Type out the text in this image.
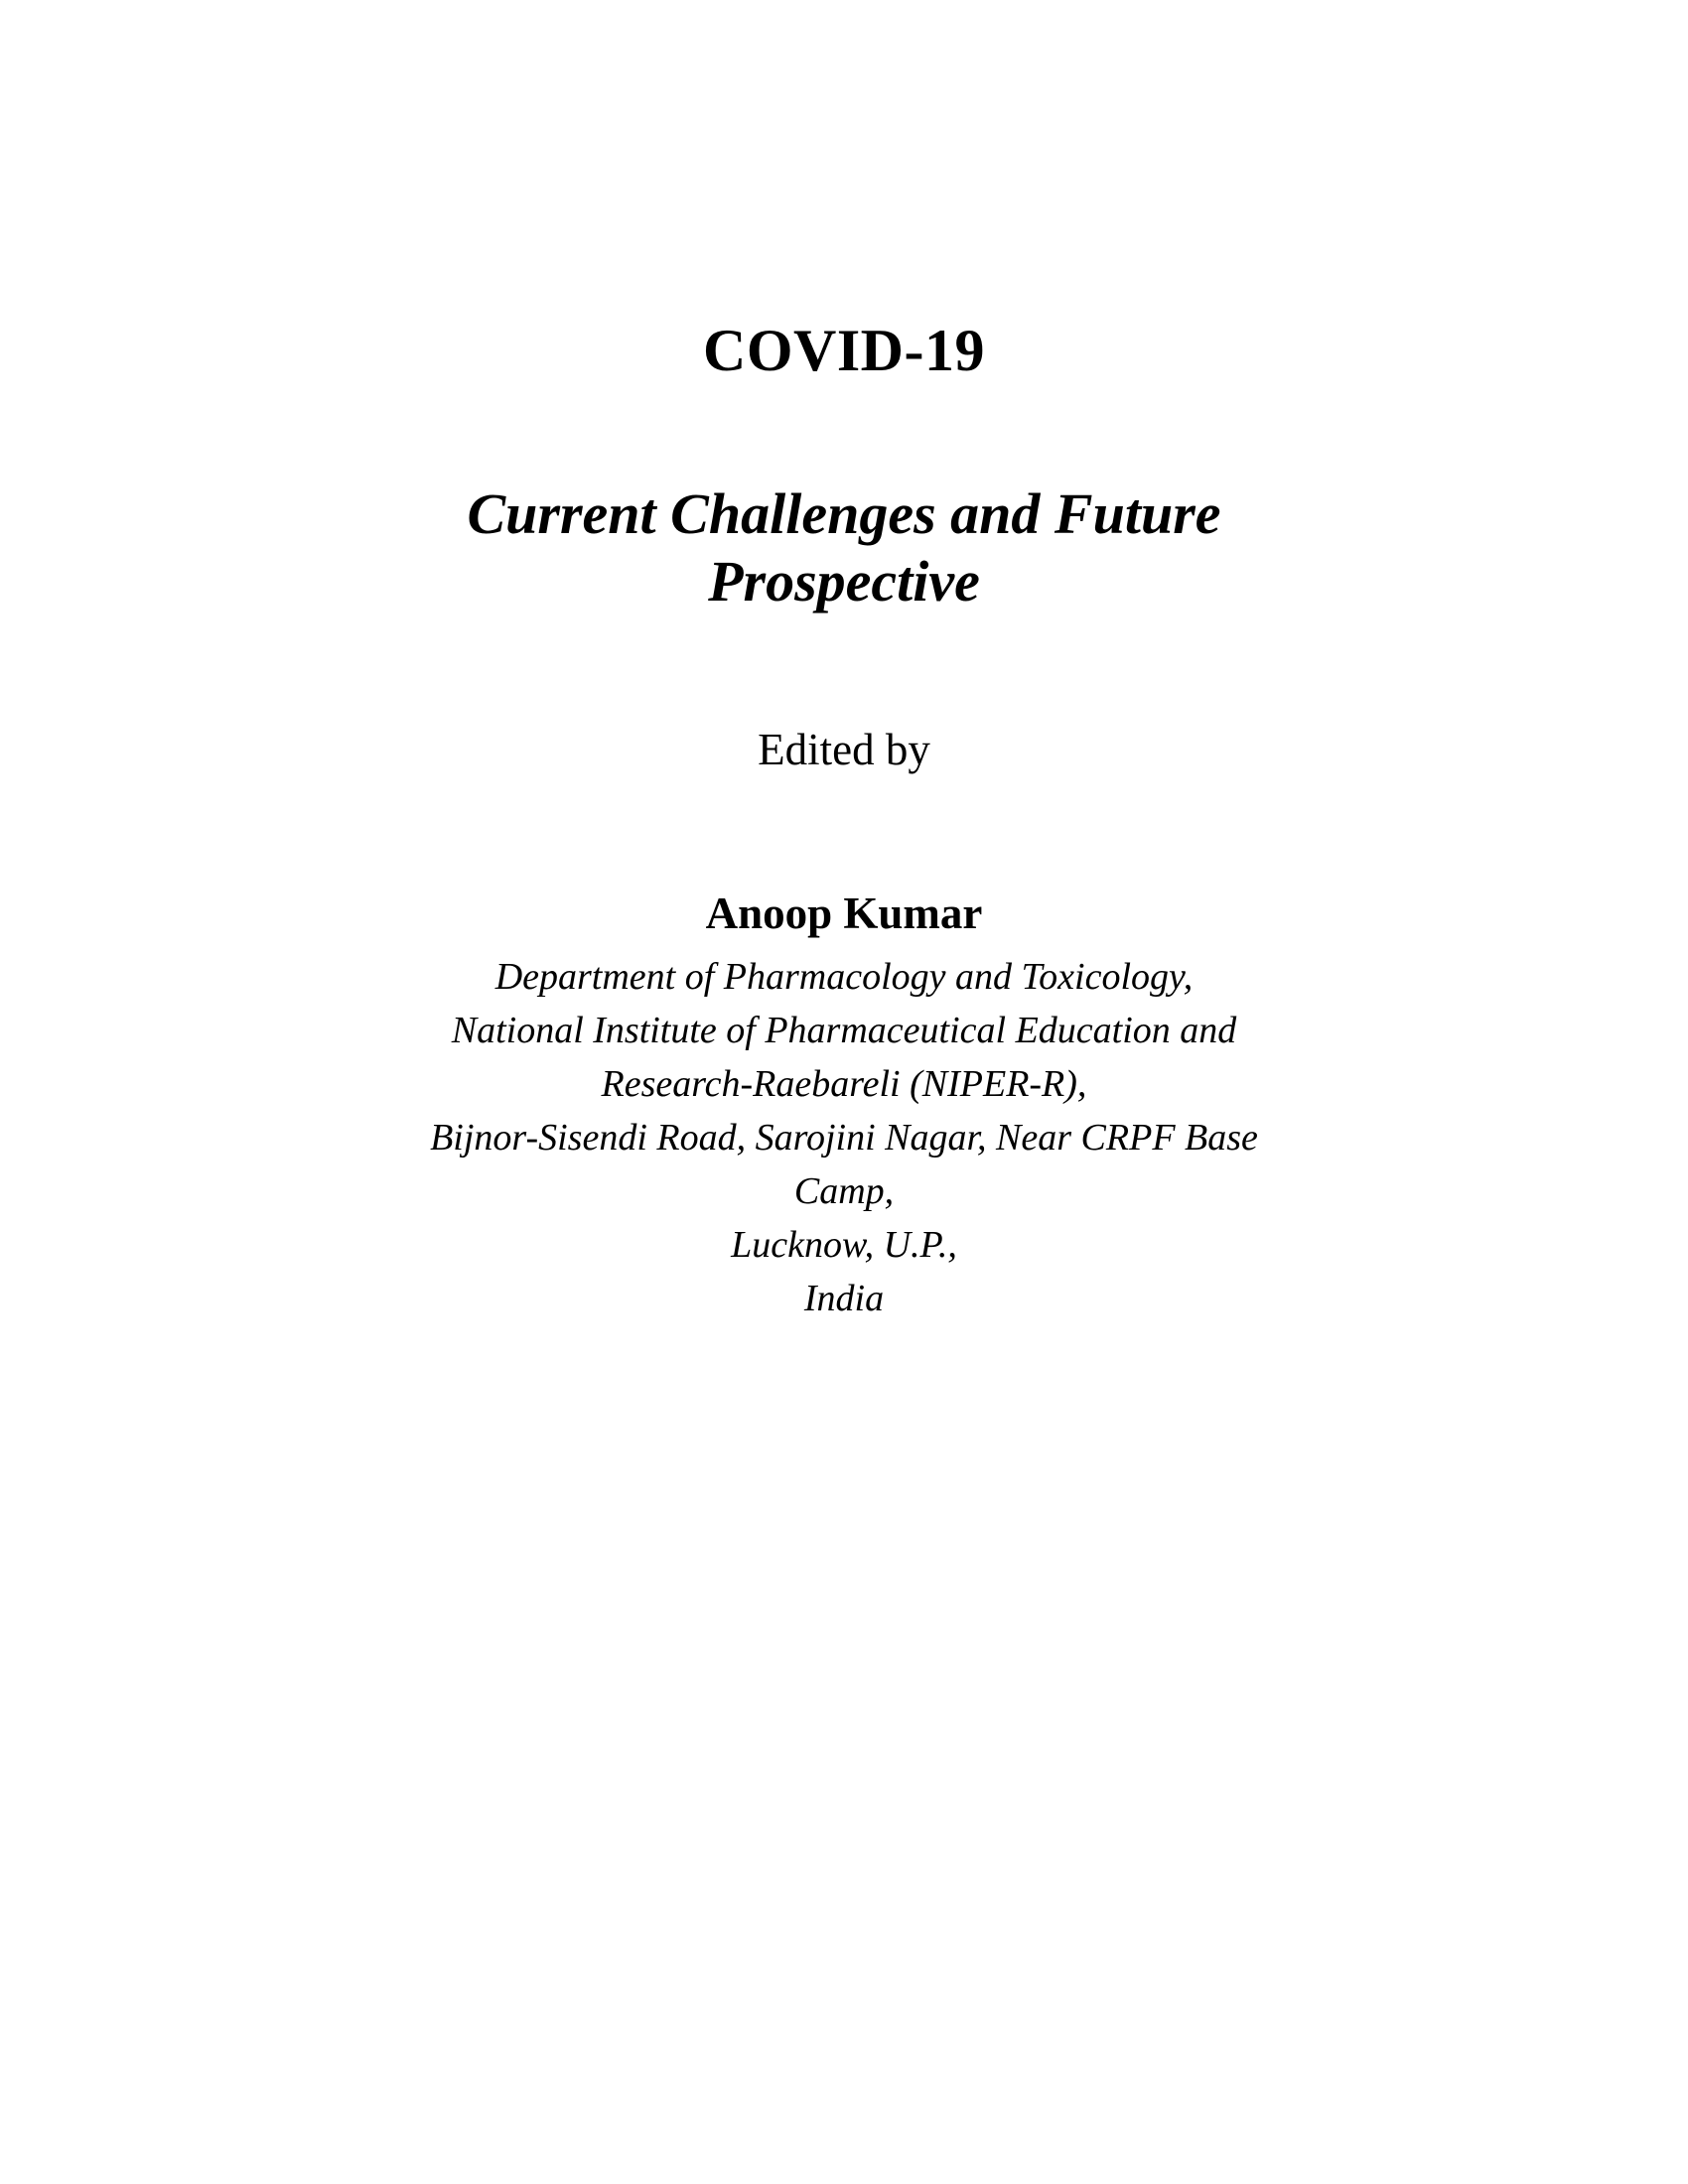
COVID-19
Current Challenges and Future Prospective
Edited by
Anoop Kumar
Department of Pharmacology and Toxicology,
National Institute of Pharmaceutical Education and
Research-Raebareli (NIPER-R),
Bijnor-Sisendi Road, Sarojini Nagar, Near CRPF Base
Camp,
Lucknow, U.P.,
India
